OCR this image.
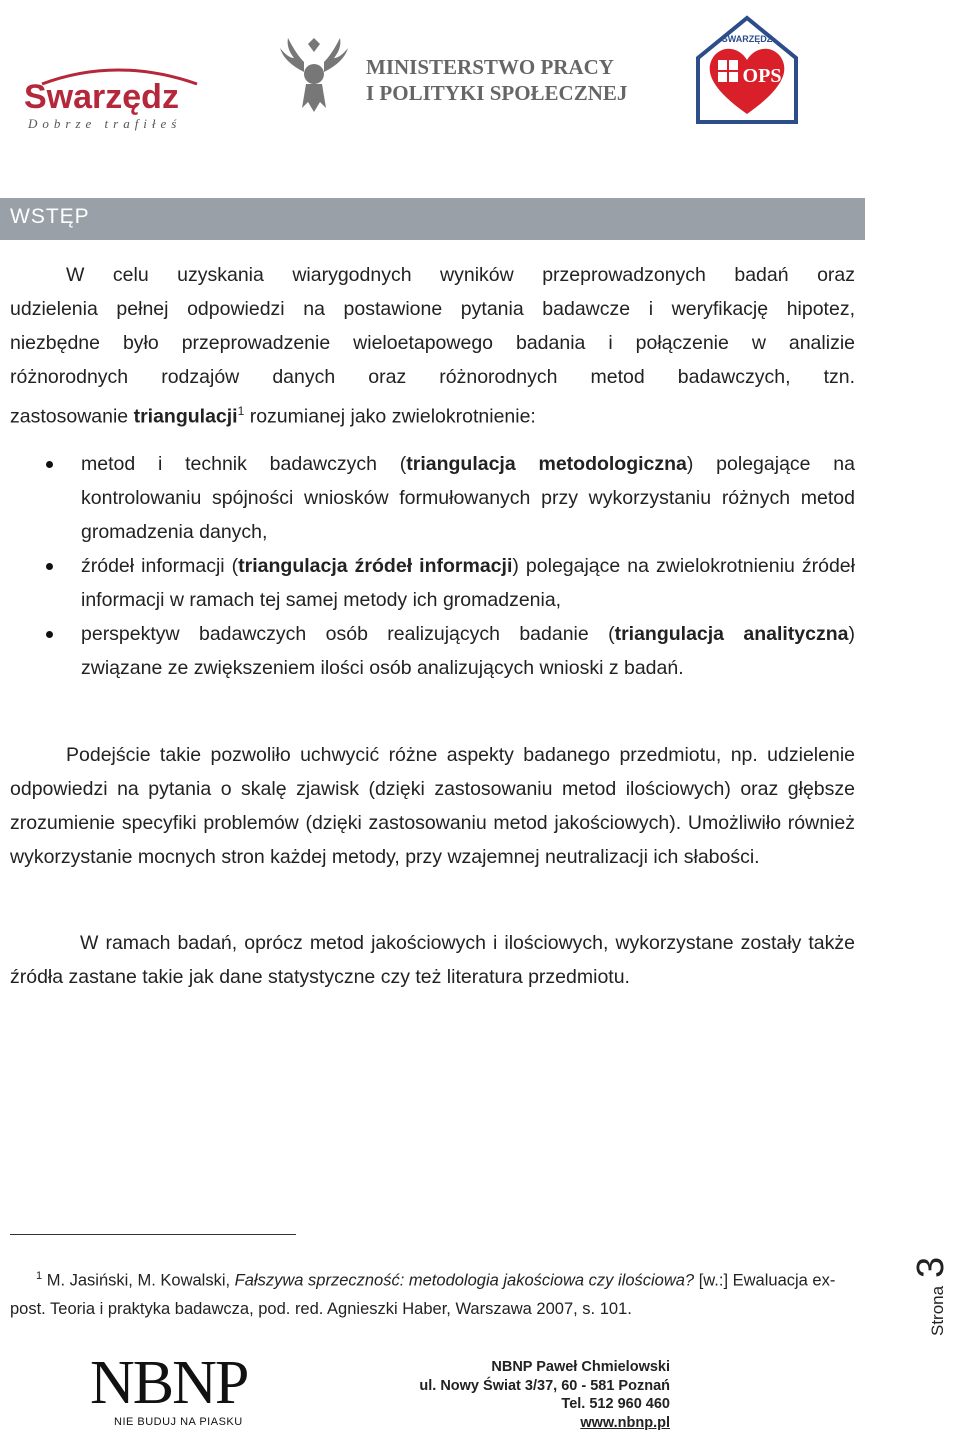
Swarzędz
Dobrze trafiłeś
MINISTERSTWO PRACY
I POLITYKI SPOŁECZNEJ
SWARZĘDZ
OPS
WSTĘP
W celu uzyskania wiarygodnych wyników przeprowadzonych badań oraz
udzielenia pełnej odpowiedzi na postawione pytania badawcze i weryfikację hipotez,
niezbędne było przeprowadzenie wieloetapowego badania i połączenie w analizie
różnorodnych rodzajów danych oraz różnorodnych metod badawczych, tzn.
zastosowanie triangulacji$^1$ rozumianej jako zwielokrotnienie:
metod i technik badawczych (triangulacja metodologiczna) polegające na kontrolowaniu spójności wniosków formułowanych przy wykorzystaniu różnych metod gromadzenia danych,
źródeł informacji (triangulacja źródeł informacji) polegające na zwielokrotnieniu źródeł informacji w ramach tej samej metody ich gromadzenia,
perspektyw badawczych osób realizujących badanie (triangulacja analityczna) związane ze zwiększeniem ilości osób analizujących wnioski z badań.
Podejście takie pozwoliło uchwycić różne aspekty badanego przedmiotu, np. udzielenie odpowiedzi na pytania o skalę zjawisk (dzięki zastosowaniu metod ilościowych) oraz głębsze zrozumienie specyfiki problemów (dzięki zastosowaniu metod jakościowych). Umożliwiło również wykorzystanie mocnych stron każdej metody, przy wzajemnej neutralizacji ich słabości.
W ramach badań, oprócz metod jakościowych i ilościowych, wykorzystane zostały także źródła zastane takie jak dane statystyczne czy też literatura przedmiotu.
$^1$ M. Jasiński, M. Kowalski, Fałszywa sprzeczność: metodologia jakościowa czy ilościowa? [w.:] Ewaluacja ex-post. Teoria i praktyka badawcza, pod. red. Agnieszki Haber, Warszawa 2007, s. 101.	Strona
3
NBNP
NIE BUDUJ NA PIASKU
NBNP Paweł Chmielowski
ul. Nowy Świat 3/37, 60 - 581 Poznań
Tel. 512 960 460
www.nbnp.pl
